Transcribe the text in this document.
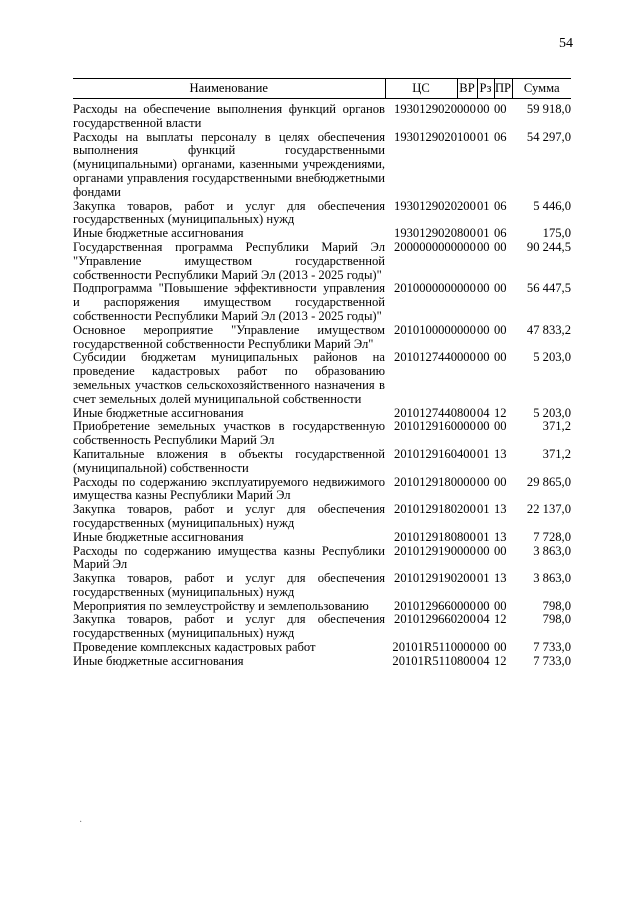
54
Наименование	ЦС	ВР	Рз	ПР	Сумма
Расходы на обеспечение выполнения функций органов государственной власти	1930129020	000	00	00	59 918,0
Расходы на выплаты персоналу в целях обеспечения выполнения функций государственными (муниципальными) органами, казенными учреждениями, органами управления государственными внебюджетными фондами	1930129020	100	01	06	54 297,0
Закупка товаров, работ и услуг для обеспечения государственных (муниципальных) нужд	1930129020	200	01	06	5 446,0
Иные бюджетные ассигнования	1930129020	800	01	06	175,0
Государственная программа Республики Марий Эл "Управление имуществом государственной собственности Республики Марий Эл (2013 - 2025 годы)"	2000000000	000	00	00	90 244,5
Подпрограмма "Повышение эффективности управления и распоряжения имуществом государственной собственности Республики Марий Эл (2013 - 2025 годы)"	2010000000	000	00	00	56 447,5
Основное мероприятие "Управление имуществом государственной собственности Республики Марий Эл"	2010100000	000	00	00	47 833,2
Субсидии бюджетам муниципальных районов на проведение кадастровых работ по образованию земельных участков сельскохозяйственного назначения в счет земельных долей муниципальной собственности	2010127440	000	00	00	5 203,0
Иные бюджетные ассигнования	2010127440	800	04	12	5 203,0
Приобретение земельных участков в государственную собственность Республики Марий Эл	2010129160	000	00	00	371,2
Капитальные вложения в объекты государственной (муниципальной) собственности	2010129160	400	01	13	371,2
Расходы по содержанию эксплуатируемого недвижимого имущества казны Республики Марий Эл	2010129180	000	00	00	29 865,0
Закупка товаров, работ и услуг для обеспечения государственных (муниципальных) нужд	2010129180	200	01	13	22 137,0
Иные бюджетные ассигнования	2010129180	800	01	13	7 728,0
Расходы по содержанию имущества казны Республики Марий Эл	2010129190	000	00	00	3 863,0
Закупка товаров, работ и услуг для обеспечения государственных (муниципальных) нужд	2010129190	200	01	13	3 863,0
Мероприятия по землеустройству и землепользованию	2010129660	000	00	00	798,0
Закупка товаров, работ и услуг для обеспечения государственных (муниципальных) нужд	2010129660	200	04	12	798,0
Проведение комплексных кадастровых работ	20101R5110	000	00	00	7 733,0
Иные бюджетные ассигнования	20101R5110	800	04	12	7 733,0
·
